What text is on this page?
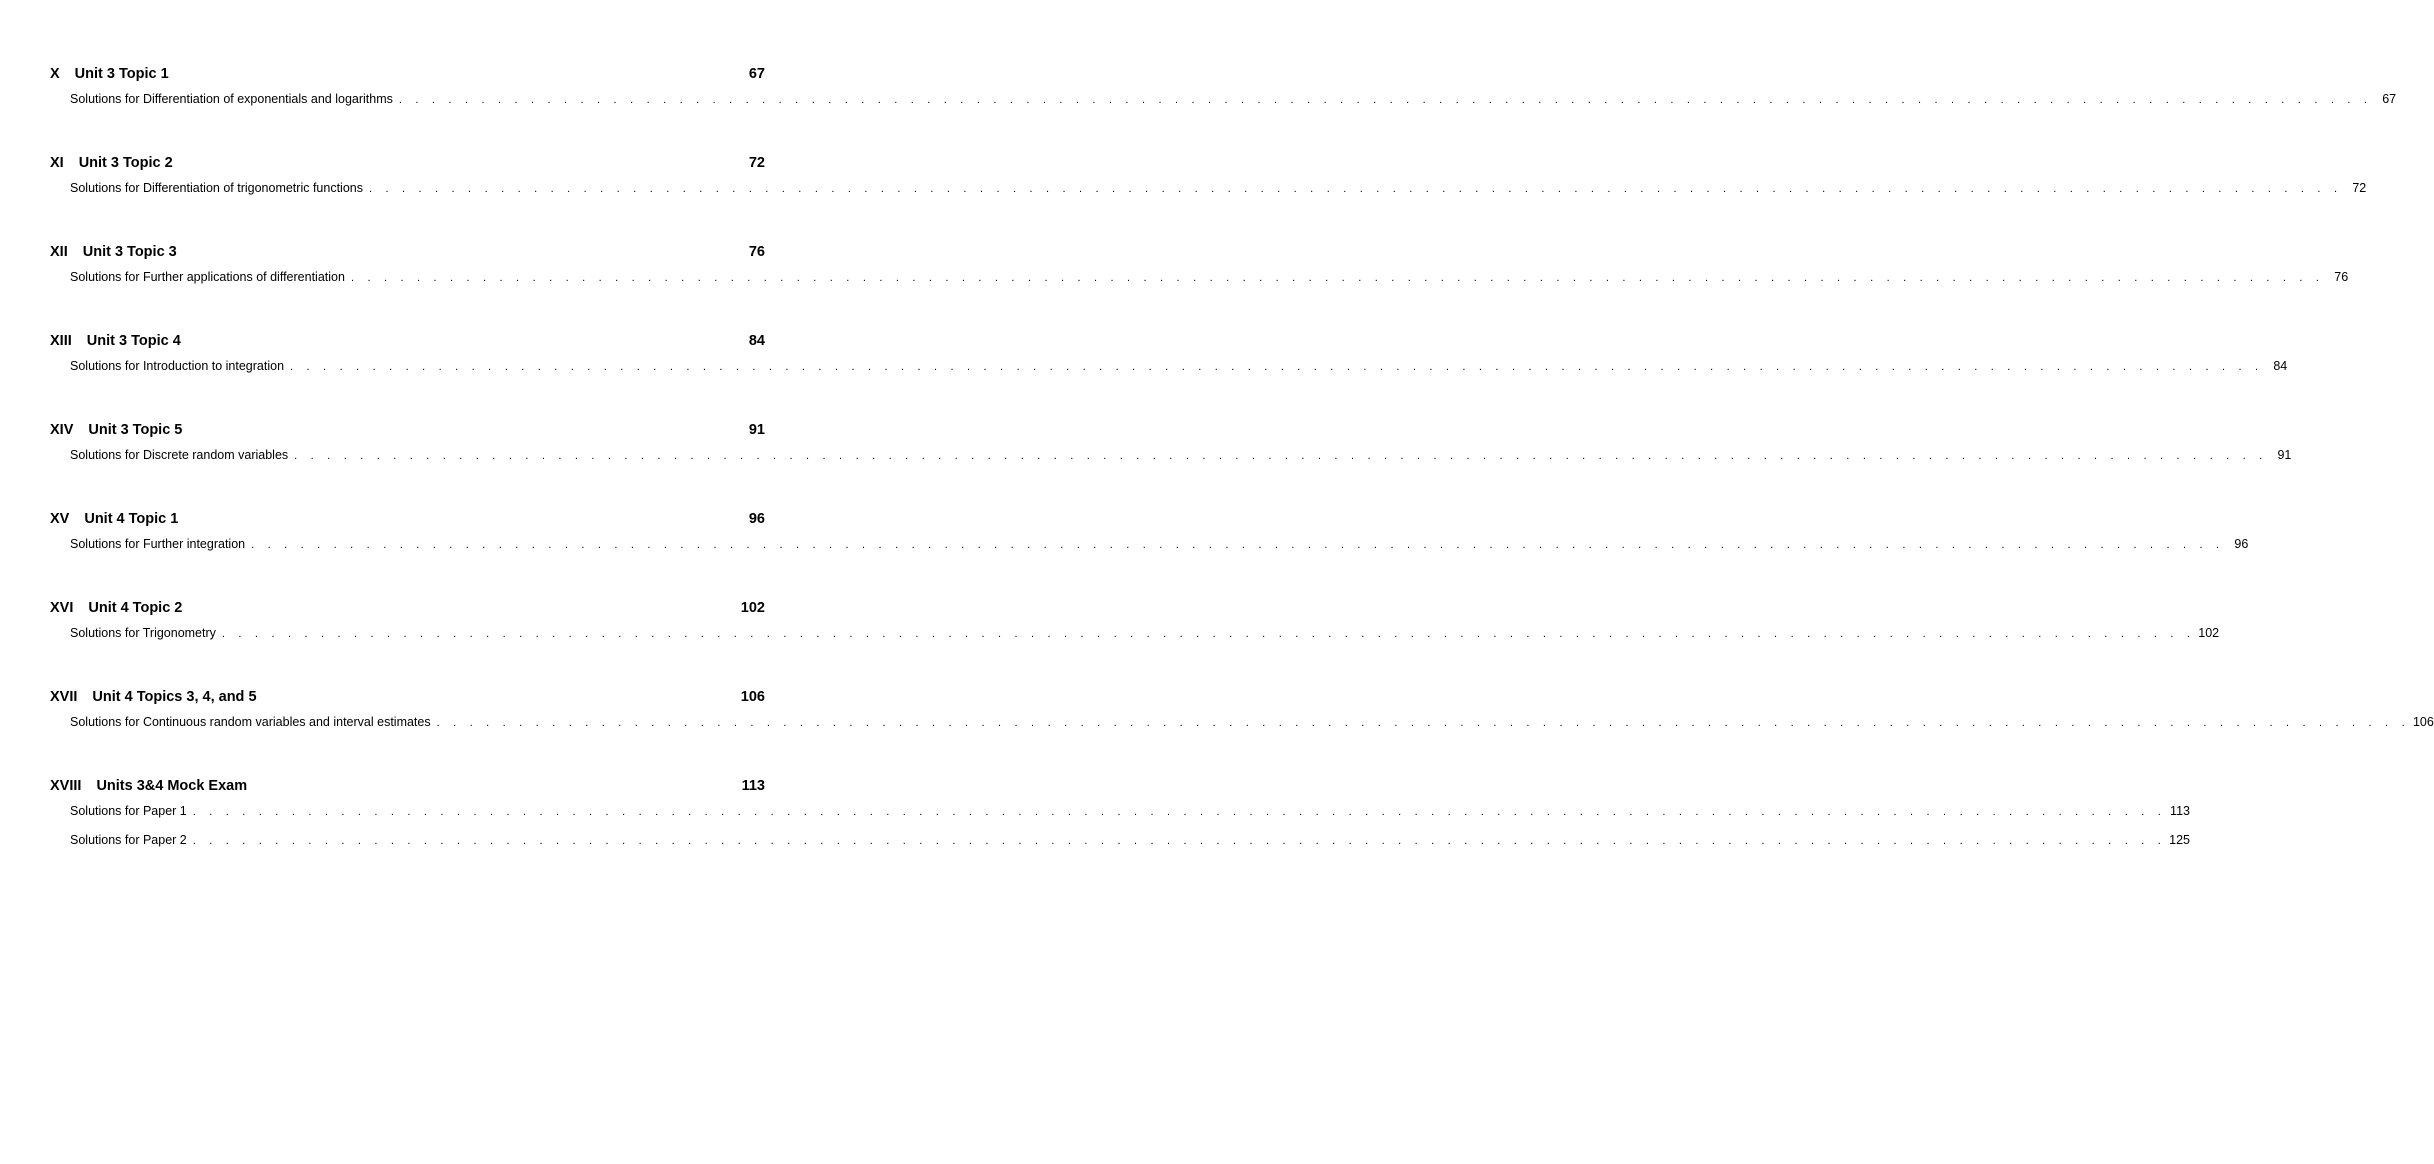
X Unit 3 Topic 1	67
Solutions for Differentiation of exponentials and logarithms . . . . . . . . . . . . . . . . . . . . . . . . . . . . . . . . . . . . . . . . . . . . . . . . . . . . . . . . . . . . . . . . . . . . . . . . . . . . . . . . . . . . . . . . . . . . . . . . . . . . . . . . . . . . . . . . . . . . . . . . 67
XI Unit 3 Topic 2	72
Solutions for Differentiation of trigonometric functions . . . . . . . . . . . . . . . . . . . . . . . . . . . . . . . . . . . . . . . . . . . . . . . . . . . . . . . . . . . . . . . . . . . . . . . . . . . . . . . . . . . . . . . . . . . . . . . . . . . . . . . . . . . . . . . . . . . . . . . . 72
XII Unit 3 Topic 3	76
Solutions for Further applications of differentiation . . . . . . . . . . . . . . . . . . . . . . . . . . . . . . . . . . . . . . . . . . . . . . . . . . . . . . . . . . . . . . . . . . . . . . . . . . . . . . . . . . . . . . . . . . . . . . . . . . . . . . . . . . . . . . . . . . . . . . . . 76
XIII Unit 3 Topic 4	84
Solutions for Introduction to integration . . . . . . . . . . . . . . . . . . . . . . . . . . . . . . . . . . . . . . . . . . . . . . . . . . . . . . . . . . . . . . . . . . . . . . . . . . . . . . . . . . . . . . . . . . . . . . . . . . . . . . . . . . . . . . . . . . . . . . . . 84
XIV Unit 3 Topic 5	91
Solutions for Discrete random variables . . . . . . . . . . . . . . . . . . . . . . . . . . . . . . . . . . . . . . . . . . . . . . . . . . . . . . . . . . . . . . . . . . . . . . . . . . . . . . . . . . . . . . . . . . . . . . . . . . . . . . . . . . . . . . . . . . . . . . . . 91
XV Unit 4 Topic 1	96
Solutions for Further integration . . . . . . . . . . . . . . . . . . . . . . . . . . . . . . . . . . . . . . . . . . . . . . . . . . . . . . . . . . . . . . . . . . . . . . . . . . . . . . . . . . . . . . . . . . . . . . . . . . . . . . . . . . . . . . . . . . . . . . . . 96
XVI Unit 4 Topic 2	102
Solutions for Trigonometry . . . . . . . . . . . . . . . . . . . . . . . . . . . . . . . . . . . . . . . . . . . . . . . . . . . . . . . . . . . . . . . . . . . . . . . . . . . . . . . . . . . . . . . . . . . . . . . . . . . . . . . . . . . . . . . . . . . . . . . . 102
XVII Unit 4 Topics 3, 4, and 5	106
Solutions for Continuous random variables and interval estimates . . . . . . . . . . . . . . . . . . . . . . . . . . . . . . . . . . . . . . . . . . . . . . . . . . . . . . . . . . . . . . . . . . . . . . . . . . . . . . . . . . . . . . . . . . . . . . . . . . . . . . . . . . . . . . . . . . . . . . . . 106
XVIII Units 3&4 Mock Exam	113
Solutions for Paper 1 . . . . . . . . . . . . . . . . . . . . . . . . . . . . . . . . . . . . . . . . . . . . . . . . . . . . . . . . . . . . . . . . . . . . . . . . . . . . . . . . . . . . . . . . . . . . . . . . . . . . . . . . . . . . . . . . . . . . . . . . 113
Solutions for Paper 2 . . . . . . . . . . . . . . . . . . . . . . . . . . . . . . . . . . . . . . . . . . . . . . . . . . . . . . . . . . . . . . . . . . . . . . . . . . . . . . . . . . . . . . . . . . . . . . . . . . . . . . . . . . . . . . . . . . . . . . . . 125
